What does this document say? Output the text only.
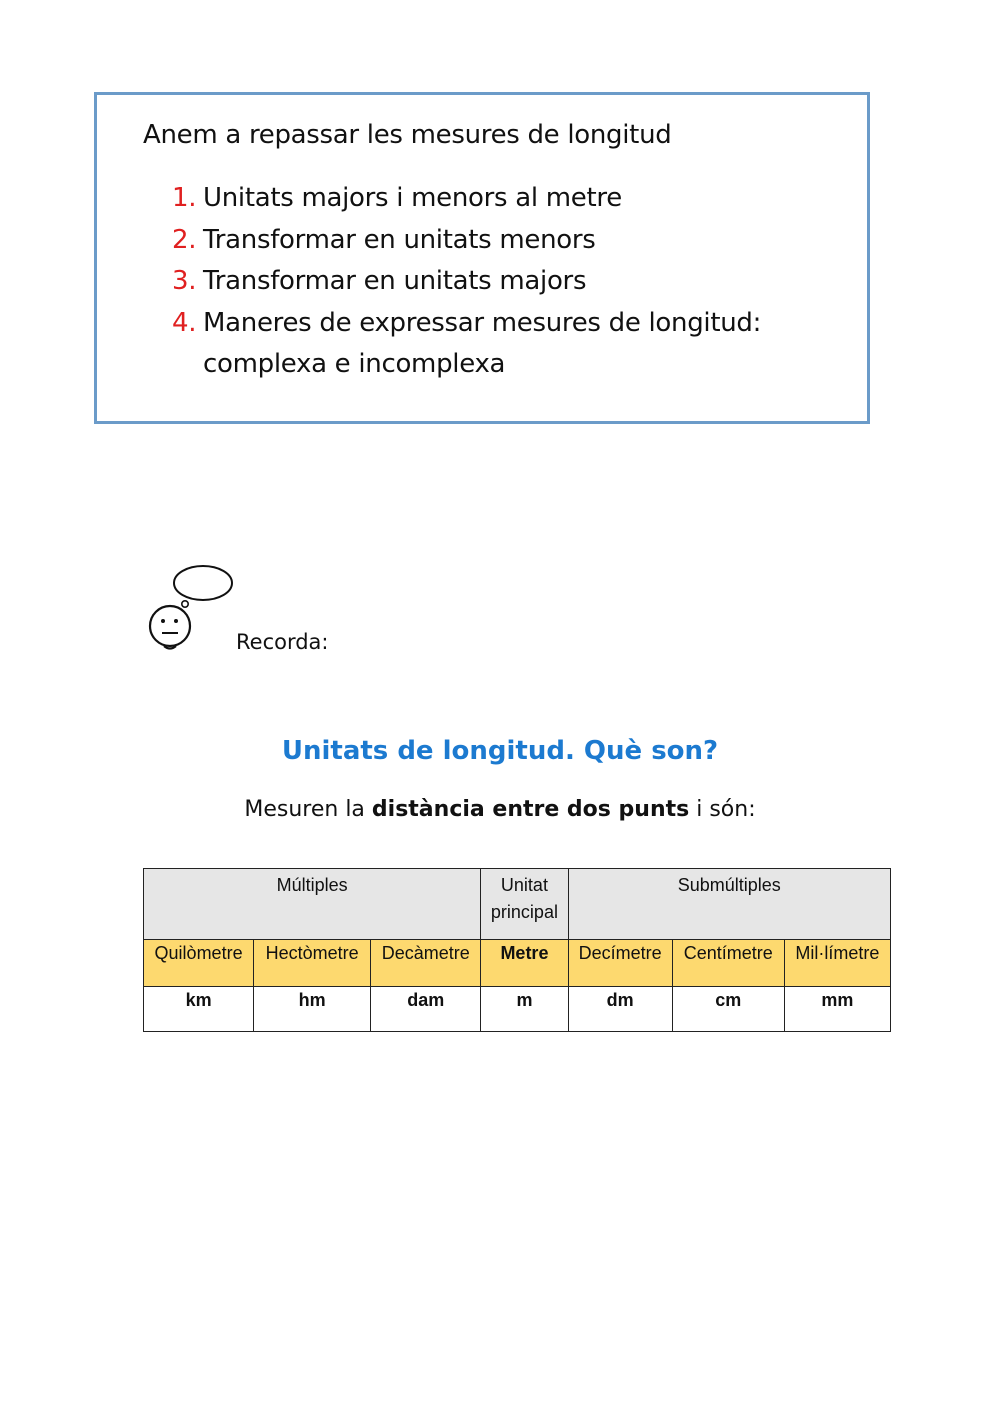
Anem a repassar les mesures de longitud
1. Unitats majors i menors al metre
2. Transformar en unitats menors
3. Transformar en unitats majors
4. Maneres de expressar mesures de longitud: complexa e incomplexa
Recorda:
Unitats de longitud. Què son?
Mesuren la distància entre dos punts i són:
Múltiples			Unitat principal	Submúltiples		
Quilòmetre	Hectòmetre	Decàmetre	Metre	Decímetre	Centímetre	Mil·límetre
km	hm	dam	m	dm	cm	mm
